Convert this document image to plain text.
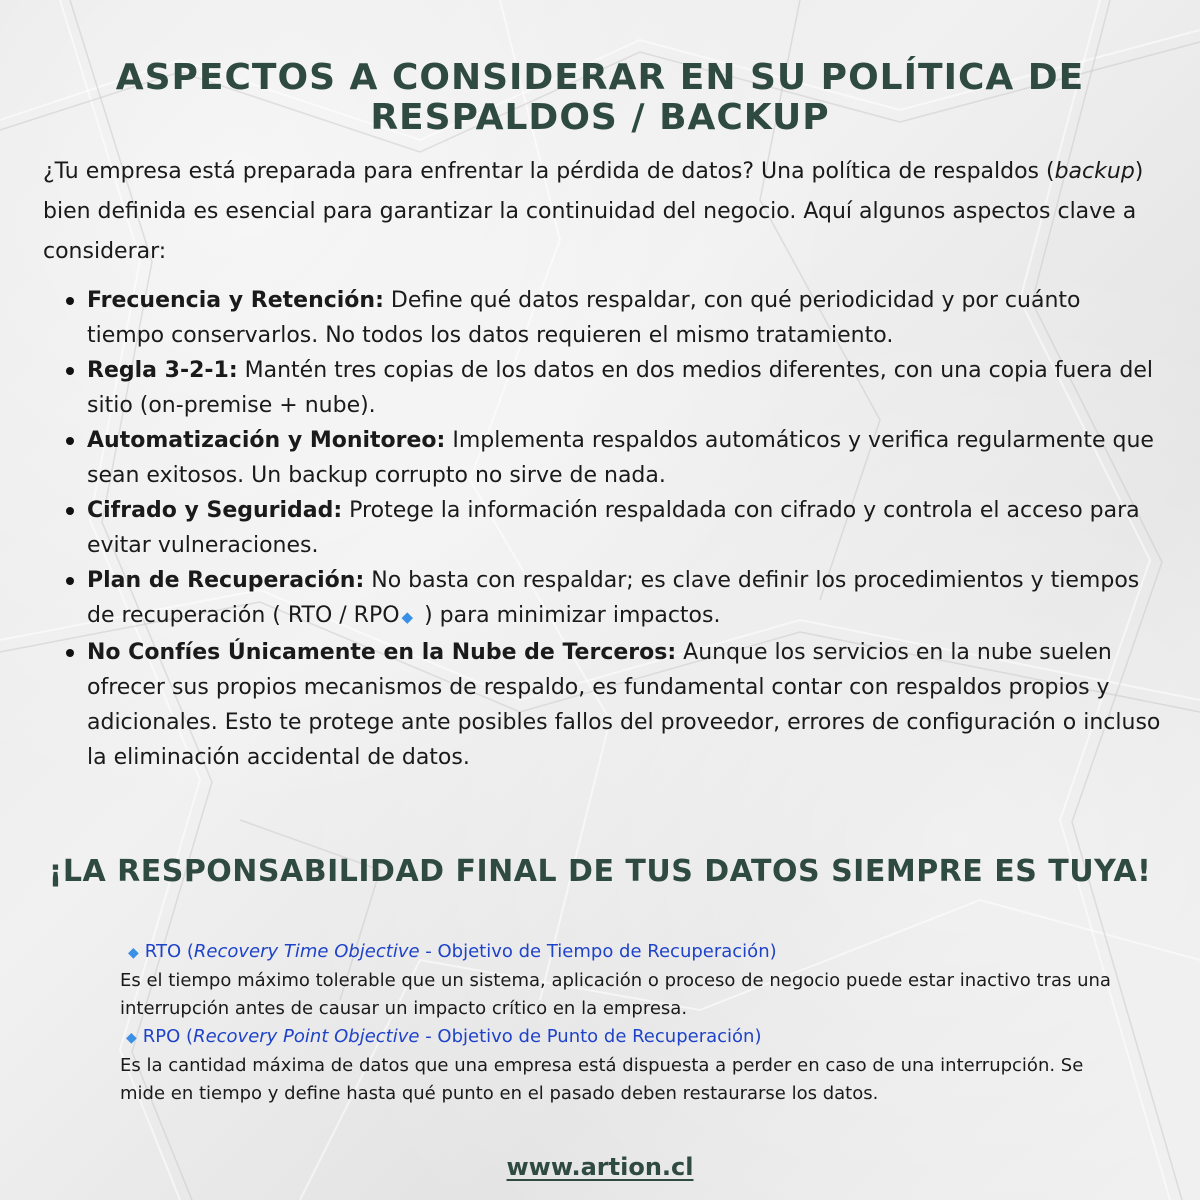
ASPECTOS A CONSIDERAR EN SU POLÍTICA DE
RESPALDOS / BACKUP
¿Tu empresa está preparada para enfrentar la pérdida de datos? Una política de respaldos (backup) bien definida es esencial para garantizar la continuidad del negocio. Aquí algunos aspectos clave a considerar:
Frecuencia y Retención: Define qué datos respaldar, con qué periodicidad y por cuánto tiempo conservarlos. No todos los datos requieren el mismo tratamiento.
Regla 3-2-1: Mantén tres copias de los datos en dos medios diferentes, con una copia fuera del sitio (on-premise + nube).
Automatización y Monitoreo: Implementa respaldos automáticos y verifica regularmente que sean exitosos. Un backup corrupto no sirve de nada.
Cifrado y Seguridad: Protege la información respaldada con cifrado y controla el acceso para evitar vulneraciones.
Plan de Recuperación: No basta con respaldar; es clave definir los procedimientos y tiempos de recuperación ( RTO / RPO ◆ ) para minimizar impactos.
No Confíes Únicamente en la Nube de Terceros: Aunque los servicios en la nube suelen ofrecer sus propios mecanismos de respaldo, es fundamental contar con respaldos propios y adicionales. Esto te protege ante posibles fallos del proveedor, errores de configuración o incluso la eliminación accidental de datos.
¡LA RESPONSABILIDAD FINAL DE TUS DATOS SIEMPRE ES TUYA!
◆ RTO (Recovery Time Objective - Objetivo de Tiempo de Recuperación)
Es el tiempo máximo tolerable que un sistema, aplicación o proceso de negocio puede estar inactivo tras una interrupción antes de causar un impacto crítico en la empresa.
◆ RPO (Recovery Point Objective - Objetivo de Punto de Recuperación)
Es la cantidad máxima de datos que una empresa está dispuesta a perder en caso de una interrupción. Se mide en tiempo y define hasta qué punto en el pasado deben restaurarse los datos.
www.artion.cl
